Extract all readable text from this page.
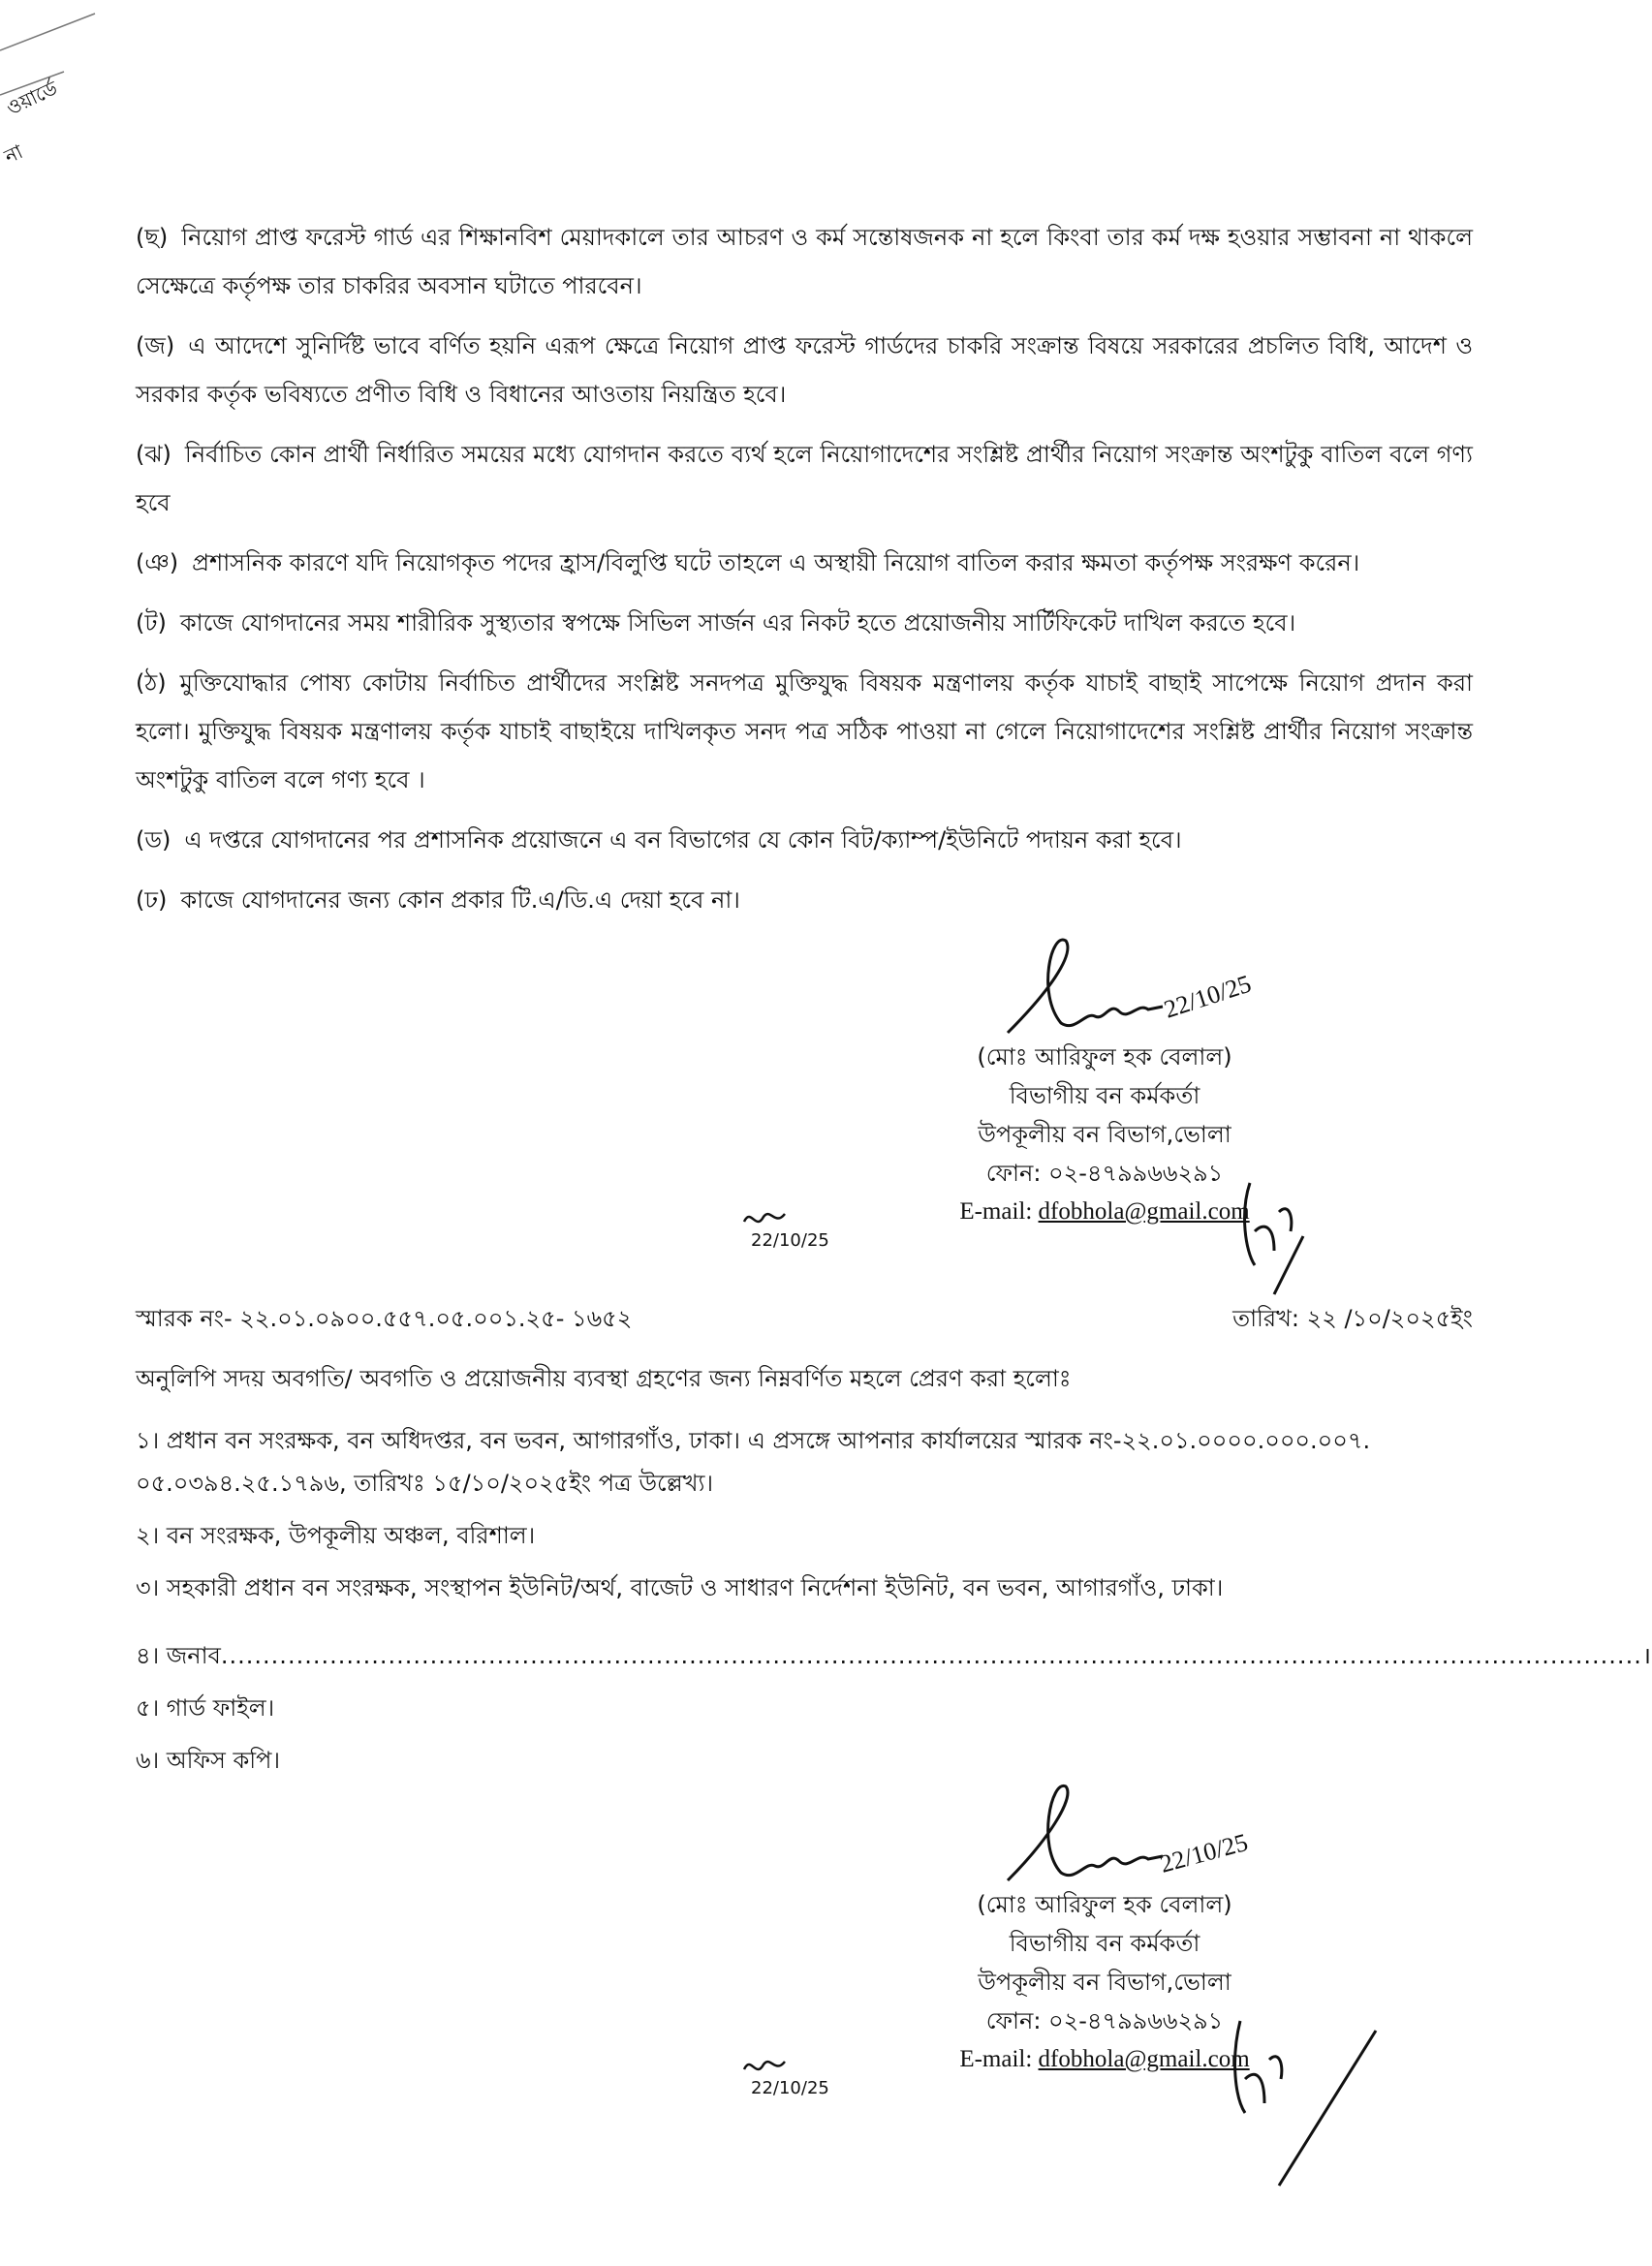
ওয়ার্ডে
না
(ছ) নিয়োগ প্রাপ্ত ফরেস্ট গার্ড এর শিক্ষানবিশ মেয়াদকালে তার আচরণ ও কর্ম সন্তোষজনক না হলে কিংবা তার কর্ম দক্ষ হওয়ার সম্ভাবনা না থাকলে সেক্ষেত্রে কর্তৃপক্ষ তার চাকরির অবসান ঘটাতে পারবেন।
(জ) এ আদেশে সুনির্দিষ্ট ভাবে বর্ণিত হয়নি এরূপ ক্ষেত্রে নিয়োগ প্রাপ্ত ফরেস্ট গার্ডদের চাকরি সংক্রান্ত বিষয়ে সরকারের প্রচলিত বিধি, আদেশ ও সরকার কর্তৃক ভবিষ্যতে প্রণীত বিধি ও বিধানের আওতায় নিয়ন্ত্রিত হবে।
(ঝ) নির্বাচিত কোন প্রার্থী নির্ধারিত সময়ের মধ্যে যোগদান করতে ব্যর্থ হলে নিয়োগাদেশের সংশ্লিষ্ট প্রার্থীর নিয়োগ সংক্রান্ত অংশটুকু বাতিল বলে গণ্য হবে
(ঞ) প্রশাসনিক কারণে যদি নিয়োগকৃত পদের হ্রাস/বিলুপ্তি ঘটে তাহলে এ অস্থায়ী নিয়োগ বাতিল করার ক্ষমতা কর্তৃপক্ষ সংরক্ষণ করেন।
(ট) কাজে যোগদানের সময় শারীরিক সুস্থ্যতার স্বপক্ষে সিভিল সার্জন এর নিকট হতে প্রয়োজনীয় সার্টিফিকেট দাখিল করতে হবে।
(ঠ) মুক্তিযোদ্ধার পোষ্য কোটায় নির্বাচিত প্রার্থীদের সংশ্লিষ্ট সনদপত্র মুক্তিযুদ্ধ বিষয়ক মন্ত্রণালয় কর্তৃক যাচাই বাছাই সাপেক্ষে নিয়োগ প্রদান করা হলো। মুক্তিযুদ্ধ বিষয়ক মন্ত্রণালয় কর্তৃক যাচাই বাছাইয়ে দাখিলকৃত সনদ পত্র সঠিক পাওয়া না গেলে নিয়োগাদেশের সংশ্লিষ্ট প্রার্থীর নিয়োগ সংক্রান্ত অংশটুকু বাতিল বলে গণ্য হবে ।
(ড) এ দপ্তরে যোগদানের পর প্রশাসনিক প্রয়োজনে এ বন বিভাগের যে কোন বিট/ক্যাম্প/ইউনিটে পদায়ন করা হবে।
(ঢ) কাজে যোগদানের জন্য কোন প্রকার টি.এ/ডি.এ দেয়া হবে না।
22/10/25
(মোঃ আরিফুল হক বেলাল)
বিভাগীয় বন কর্মকর্তা
উপকূলীয় বন বিভাগ,ভোলা
ফোন: ০২-৪৭৯৯৬৬২৯১
E-mail: dfobhola@gmail.com
22/10/25
স্মারক নং- ২২.০১.০৯০০.৫৫৭.০৫.০০১.২৫- ১৬৫২	তারিখ: ২২ /১০/২০২৫ইং
অনুলিপি সদয় অবগতি/ অবগতি ও প্রয়োজনীয় ব্যবস্থা গ্রহণের জন্য নিম্নবর্ণিত মহলে প্রেরণ করা হলোঃ
১। প্রধান বন সংরক্ষক, বন অধিদপ্তর, বন ভবন, আগারগাঁও, ঢাকা। এ প্রসঙ্গে আপনার কার্যালয়ের স্মারক নং-২২.০১.০০০০.০০০.০০৭.
০৫.০৩৯৪.২৫.১৭৯৬, তারিখঃ ১৫/১০/২০২৫ইং পত্র উল্লেখ্য।
২। বন সংরক্ষক, উপকূলীয় অঞ্চল, বরিশাল।
৩। সহকারী প্রধান বন সংরক্ষক, সংস্থাপন ইউনিট/অর্থ, বাজেট ও সাধারণ নির্দেশনা ইউনিট, বন ভবন, আগারগাঁও, ঢাকা।
৪। জনাব ..........................................................................................................................................................................।
৫। গার্ড ফাইল।
৬। অফিস কপি।
22/10/25
(মোঃ আরিফুল হক বেলাল)
বিভাগীয় বন কর্মকর্তা
উপকূলীয় বন বিভাগ,ভোলা
ফোন: ০২-৪৭৯৯৬৬২৯১
E-mail: dfobhola@gmail.com
22/10/25
